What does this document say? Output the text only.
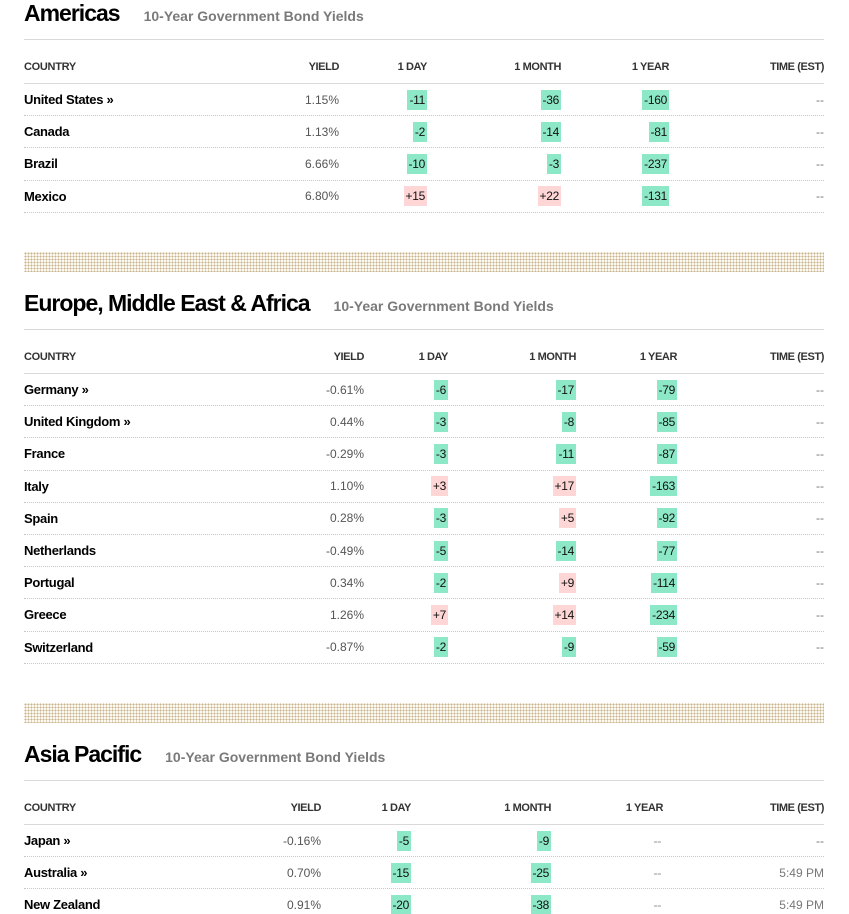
Americas 10-Year Government Bond Yields
COUNTRY	YIELD	1 DAY	1 MONTH	1 YEAR	TIME (EST)
United States »	1.15%	-11	-36	-160	--
Canada	1.13%	-2	-14	-81	--
Brazil	6.66%	-10	-3	-237	--
Mexico	6.80%	+15	+22	-131	--
Europe, Middle East & Africa 10-Year Government Bond Yields
COUNTRY	YIELD	1 DAY	1 MONTH	1 YEAR	TIME (EST)
Germany »	-0.61%	-6	-17	-79	--
United Kingdom »	0.44%	-3	-8	-85	--
France	-0.29%	-3	-11	-87	--
Italy	1.10%	+3	+17	-163	--
Spain	0.28%	-3	+5	-92	--
Netherlands	-0.49%	-5	-14	-77	--
Portugal	0.34%	-2	+9	-114	--
Greece	1.26%	+7	+14	-234	--
Switzerland	-0.87%	-2	-9	-59	--
Asia Pacific 10-Year Government Bond Yields
COUNTRY	YIELD	1 DAY	1 MONTH	1 YEAR	TIME (EST)
Japan »	-0.16%	-5	-9	--	--
Australia »	0.70%	-15	-25	--	5:49 PM
New Zealand	0.91%	-20	-38	--	5:49 PM
